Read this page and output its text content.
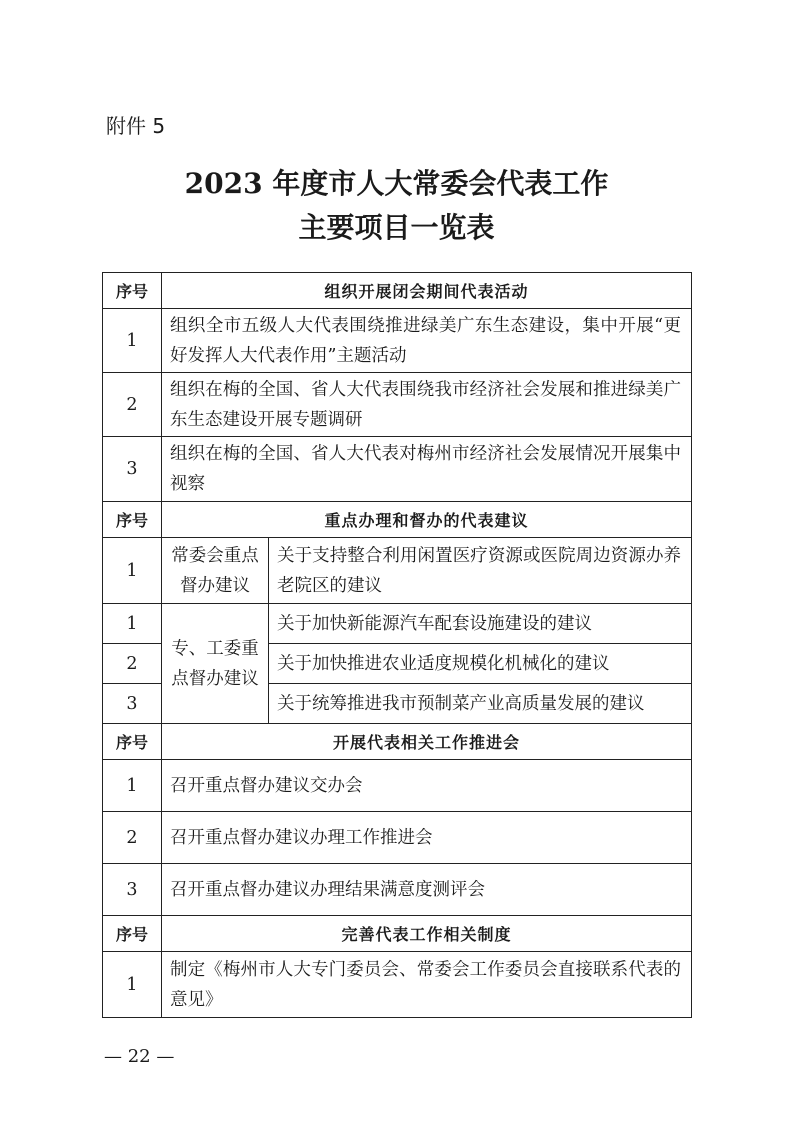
附件 5
2023 年度市人大常委会代表工作
主要项目一览表
序号	组织开展闭会期间代表活动	
1	组织全市五级人大代表围绕推进绿美广东生态建设，集中开展“更好发挥人大代表作用”主题活动	
2	组织在梅的全国、省人大代表围绕我市经济社会发展和推进绿美广东生态建设开展专题调研	
3	组织在梅的全国、省人大代表对梅州市经济社会发展情况开展集中视察	
序号	重点办理和督办的代表建议	
1	常委会重点督办建议	关于支持整合利用闲置医疗资源或医院周边资源办养老院区的建议
1	专、工委重点督办建议	关于加快新能源汽车配套设施建设的建议
2		关于加快推进农业适度规模化机械化的建议
3		关于统筹推进我市预制菜产业高质量发展的建议
序号	开展代表相关工作推进会	
1	召开重点督办建议交办会	
2	召开重点督办建议办理工作推进会	
3	召开重点督办建议办理结果满意度测评会	
序号	完善代表工作相关制度	
1	制定《梅州市人大专门委员会、常委会工作委员会直接联系代表的意见》	
— 22 —
